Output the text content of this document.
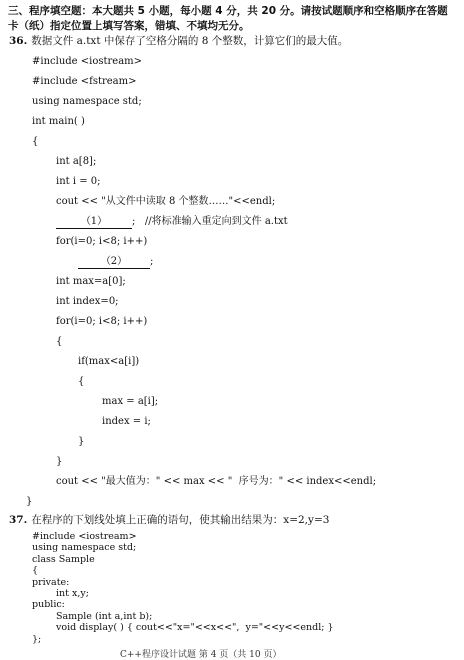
三、程序填空题：本大题共 5 小题，每小题 4 分，共 20 分。请按试题顺序和空格顺序在答题卡（纸）指定位置上填写答案，错填、不填均无分。
36. 数据文件 a.txt 中保存了空格分隔的 8 个整数，计算它们的最大值。
#include <iostream>
#include <fstream>
using namespace std;
int main( )
{
int a[8];
int i = 0;
cout << "从文件中读取 8 个整数……"<<endl;
（1） ;   //将标准输入重定向到文件 a.txt
for(i=0; i<8; i++)
（2） ;
int max=a[0];
int index=0;
for(i=0; i<8; i++)
{
if(max<a[i])
{
max = a[i];
index = i;
}
}
cout << "最大值为：" << max << "  序号为：" << index<<endl;
}
37. 在程序的下划线处填上正确的语句，使其输出结果为：x=2,y=3
C++程序设计试题 第 4 页（共 10 页）
#include <iostream>
using namespace std;
class Sample
{
private:
int x,y;
public:
Sample (int a,int b);
void display( ) { cout<<"x="<<x<<",  y="<<y<<endl; }
};
